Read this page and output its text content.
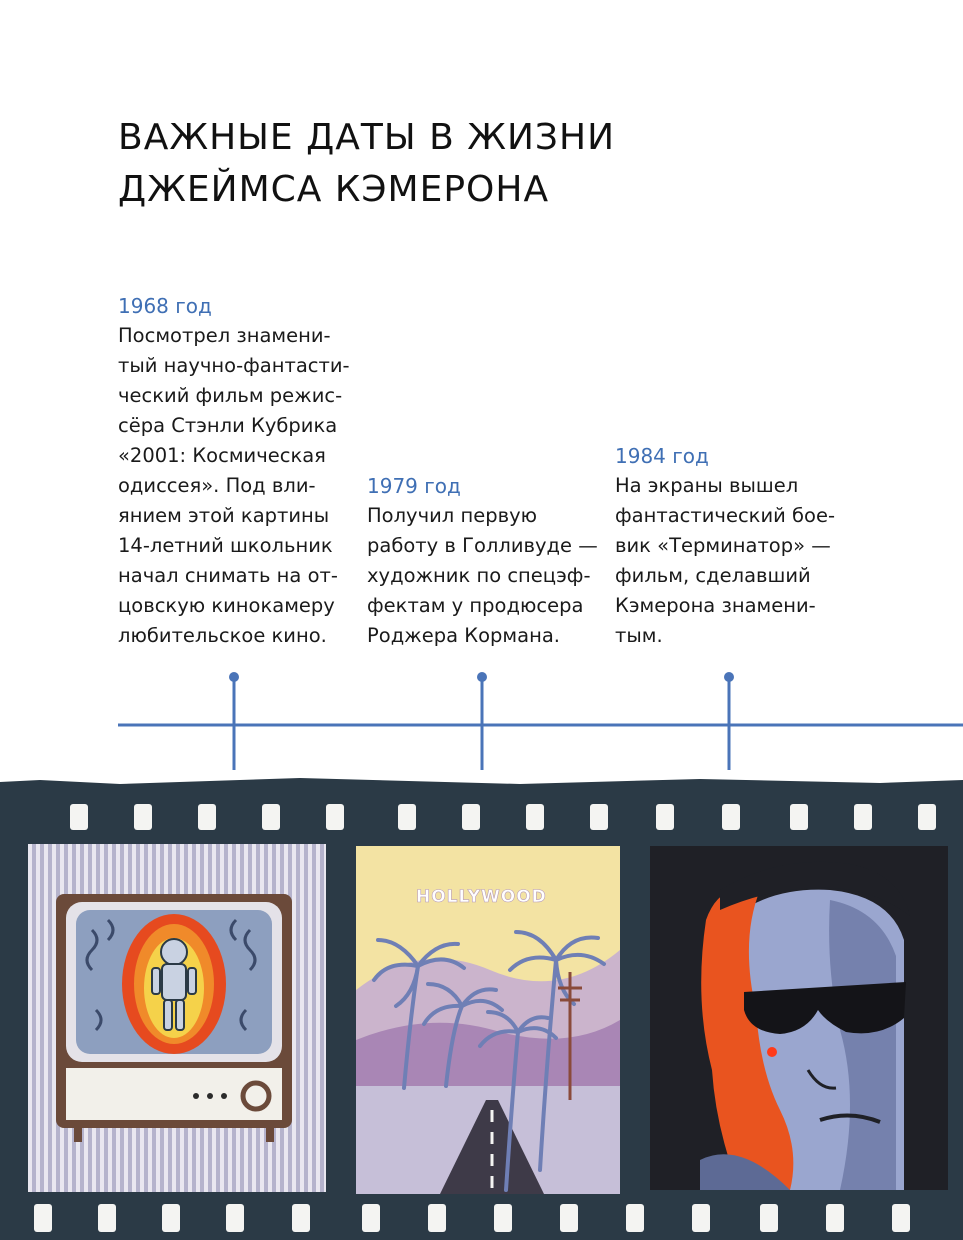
ВАЖНЫЕ ДАТЫ В ЖИЗНИ
ДЖЕЙМСА КЭМЕРОНА
1968 год
Посмотрел знамени-
тый научно-фантасти-
ческий фильм режис-
сёра Стэнли Кубрика
«2001: Космическая
одиссея». Под вли-
янием этой картины
14-летний школьник
начал снимать на от-
цовскую кинокамеру
любительское кино.
1979 год
Получил первую
работу в Голливуде —
художник по спецэф-
фектам у продюсера
Роджера Кормана.
1984 год
На экраны вышел
фантастический бое-
вик «Терминатор» —
фильм, сделавший
Кэмерона знамени-
тым.
HOLLYWOOD
